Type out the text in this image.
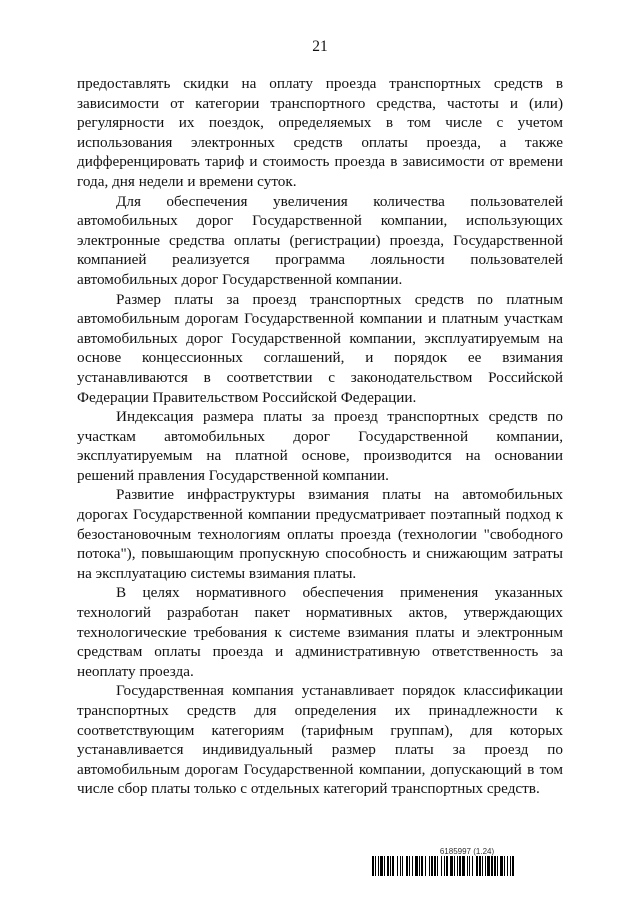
21

предоставлять скидки на оплату проезда транспортных средств в зависимости от категории транспортного средства, частоты и (или) регулярности их поездок, определяемых в том числе с учетом использования электронных средств оплаты проезда, а также дифференцировать тариф и стоимость проезда в зависимости от времени года, дня недели и времени суток.

Для обеспечения увеличения количества пользователей автомобильных дорог Государственной компании, использующих электронные средства оплаты (регистрации) проезда, Государственной компанией реализуется программа лояльности пользователей автомобильных дорог Государственной компании.

Размер платы за проезд транспортных средств по платным автомобильным дорогам Государственной компании и платным участкам автомобильных дорог Государственной компании, эксплуатируемым на основе концессионных соглашений, и порядок ее взимания устанавливаются в соответствии с законодательством Российской Федерации Правительством Российской Федерации.

Индексация размера платы за проезд транспортных средств по участкам автомобильных дорог Государственной компании, эксплуатируемым на платной основе, производится на основании решений правления Государственной компании.

Развитие инфраструктуры взимания платы на автомобильных дорогах Государственной компании предусматривает поэтапный подход к безостановочным технологиям оплаты проезда (технологии "свободного потока"), повышающим пропускную способность и снижающим затраты на эксплуатацию системы взимания платы.

В целях нормативного обеспечения применения указанных технологий разработан пакет нормативных актов, утверждающих технологические требования к системе взимания платы и электронным средствам оплаты проезда и административную ответственность за неоплату проезда.

Государственная компания устанавливает порядок классификации транспортных средств для определения их принадлежности к соответствующим категориям (тарифным группам), для которых устанавливается индивидуальный размер платы за проезд по автомобильным дорогам Государственной компании, допускающий в том числе сбор платы только с отдельных категорий транспортных средств.

6185997 (1.24)
